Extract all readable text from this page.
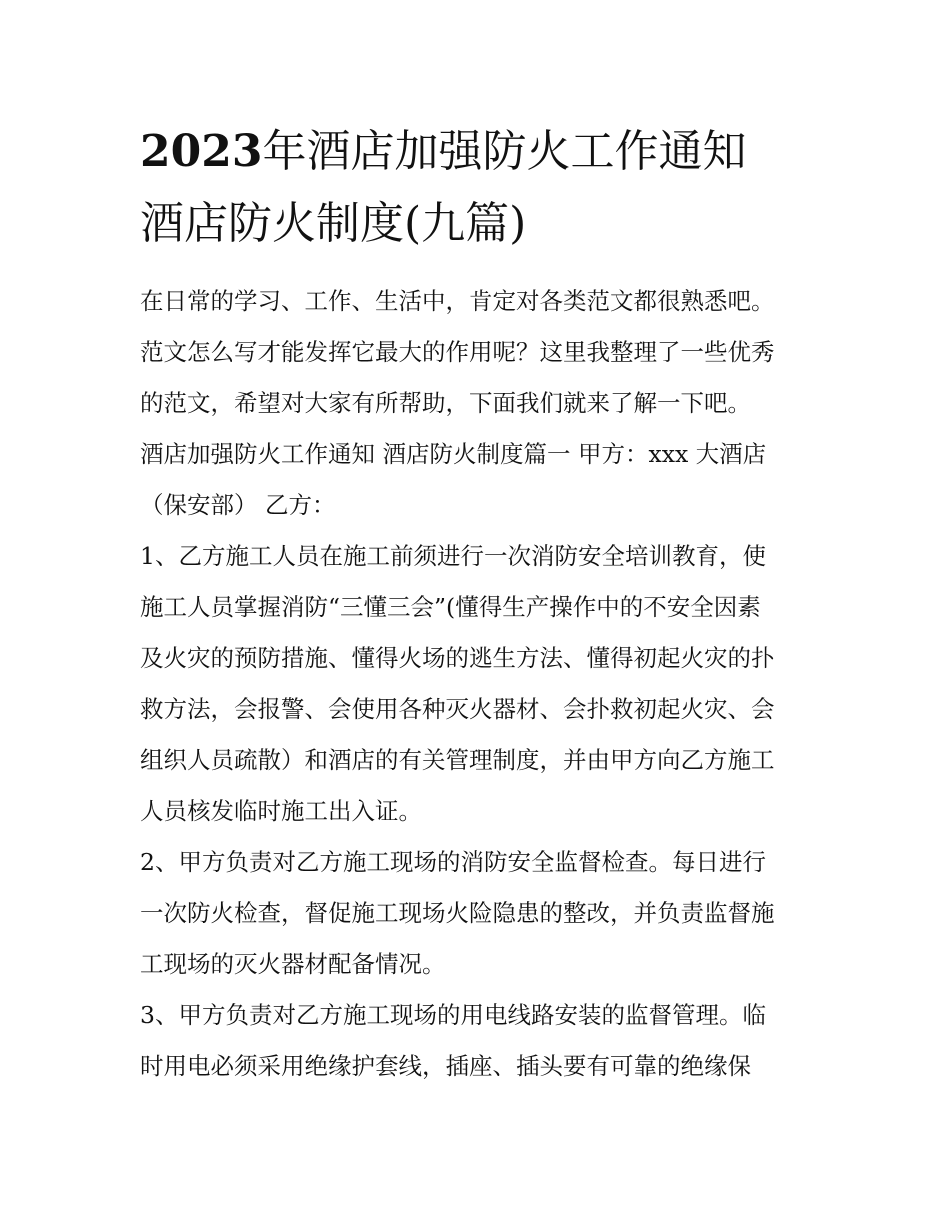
2023年酒店加强防火工作通知
酒店防火制度(九篇)
在日常的学习、工作、生活中，肯定对各类范文都很熟悉吧。
范文怎么写才能发挥它最大的作用呢？这里我整理了一些优秀
的范文，希望对大家有所帮助，下面我们就来了解一下吧。
酒店加强防火工作通知 酒店防火制度篇一 甲方：xxx 大酒店
（保安部） 乙方：
1、乙方施工人员在施工前须进行一次消防安全培训教育，使
施工人员掌握消防“三懂三会”(懂得生产操作中的不安全因素
及火灾的预防措施、懂得火场的逃生方法、懂得初起火灾的扑
救方法，会报警、会使用各种灭火器材、会扑救初起火灾、会
组织人员疏散）和酒店的有关管理制度，并由甲方向乙方施工
人员核发临时施工出入证。
2、甲方负责对乙方施工现场的消防安全监督检查。每日进行
一次防火检查，督促施工现场火险隐患的整改，并负责监督施
工现场的灭火器材配备情况。
3、甲方负责对乙方施工现场的用电线路安装的监督管理。临
时用电必须采用绝缘护套线，插座、插头要有可靠的绝缘保
